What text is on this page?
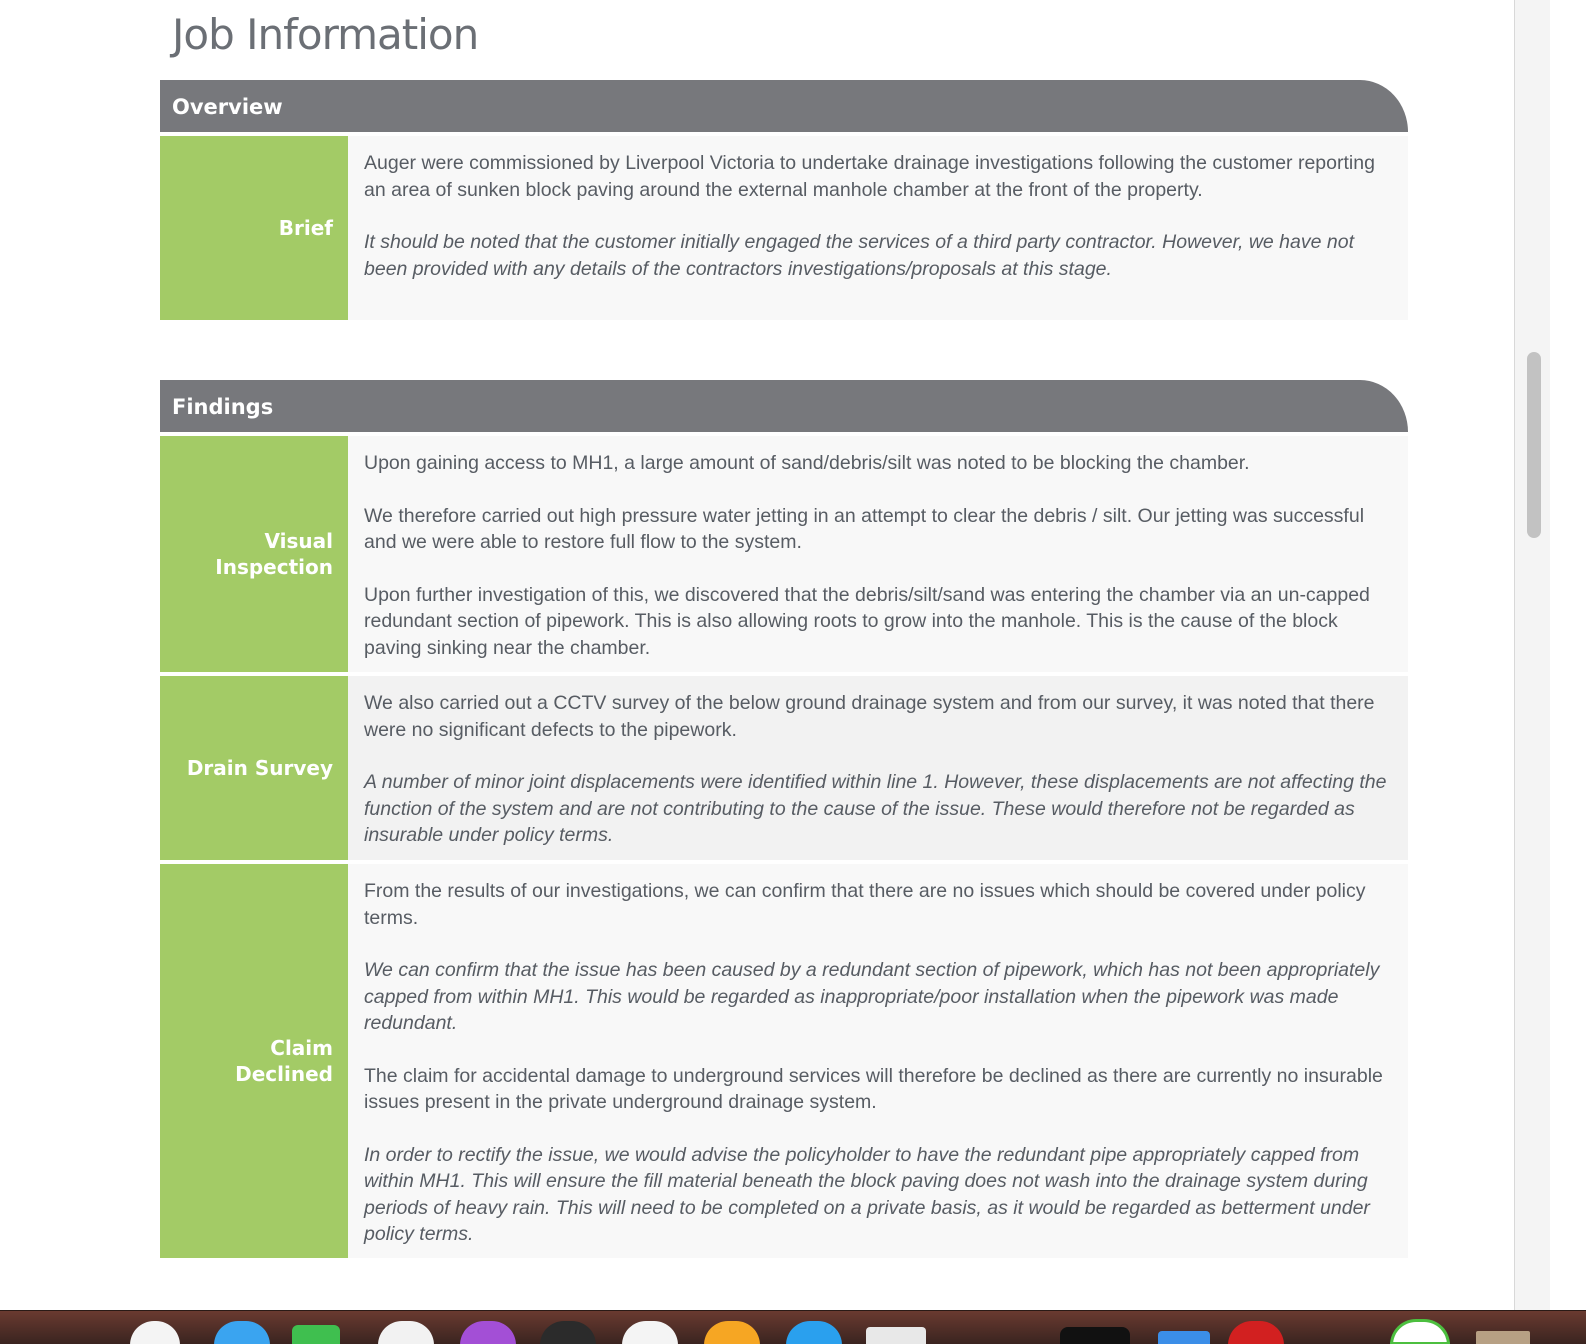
Job Information
Overview
Brief

Auger were commissioned by Liverpool Victoria to undertake drainage investigations following the customer reporting an area of sunken block paving around the external manhole chamber at the front of the property.

It should be noted that the customer initially engaged the services of a third party contractor. However, we have not been provided with any details of the contractors investigations/proposals at this stage.

Findings
Visual
Inspection

Upon gaining access to MH1, a large amount of sand/debris/silt was noted to be blocking the chamber.

We therefore carried out high pressure water jetting in an attempt to clear the debris / silt. Our jetting was successful and we were able to restore full flow to the system.

Upon further investigation of this, we discovered that the debris/silt/sand was entering the chamber via an un-capped redundant section of pipework. This is also allowing roots to grow into the manhole. This is the cause of the block paving sinking near the chamber.

Drain Survey

We also carried out a CCTV survey of the below ground drainage system and from our survey, it was noted that there were no significant defects to the pipework.

A number of minor joint displacements were identified within line 1. However, these displacements are not affecting the function of the system and are not contributing to the cause of the issue. These would therefore not be regarded as insurable under policy terms.

Claim
Declined

From the results of our investigations, we can confirm that there are no issues which should be covered under policy terms.

We can confirm that the issue has been caused by a redundant section of pipework, which has not been appropriately capped from within MH1. This would be regarded as inappropriate/poor installation when the pipework was made redundant.

The claim for accidental damage to underground services will therefore be declined as there are currently no insurable issues present in the private underground drainage system.

In order to rectify the issue, we would advise the policyholder to have the redundant pipe appropriately capped from within MH1. This will ensure the fill material beneath the block paving does not wash into the drainage system during periods of heavy rain. This will need to be completed on a private basis, as it would be regarded as betterment under policy terms.
